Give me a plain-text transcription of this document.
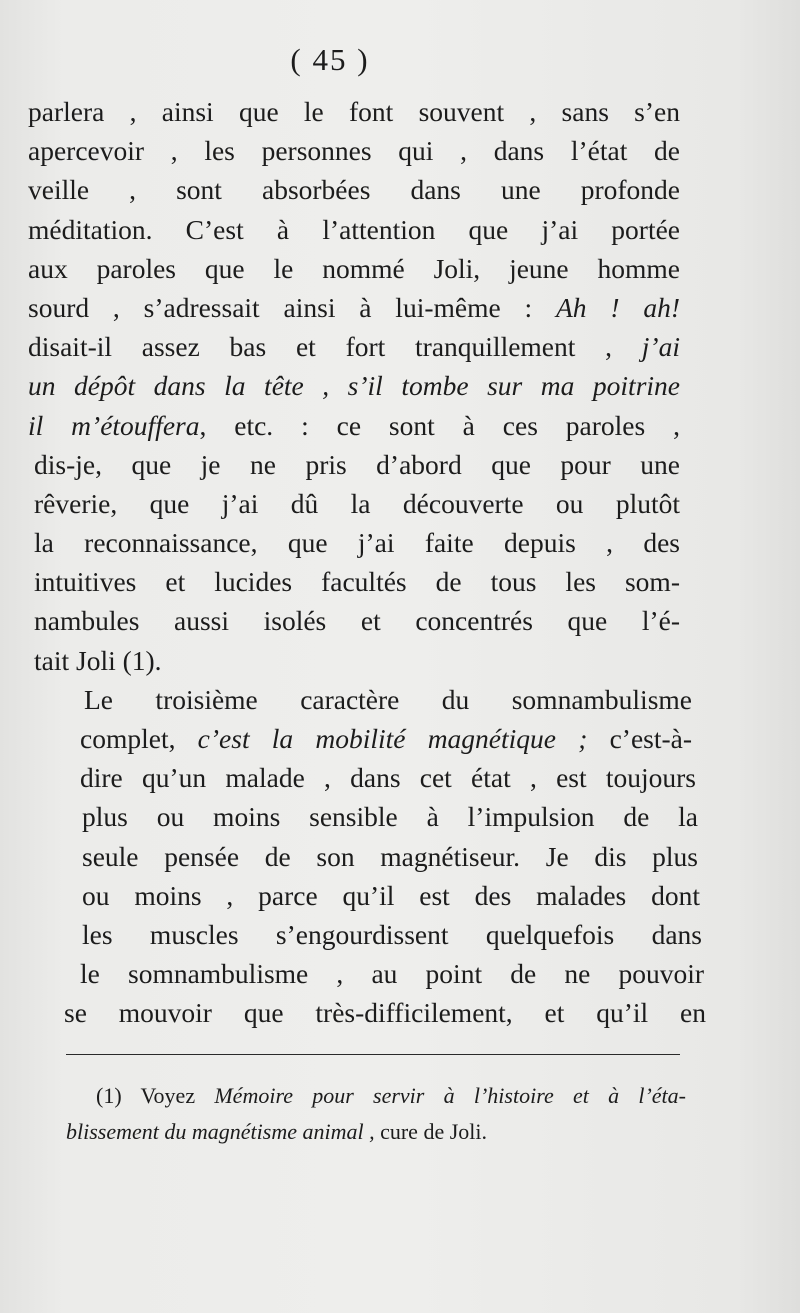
( 45 )
parlera , ainsi que le font souvent , sans s’en
apercevoir , les personnes qui , dans l’état de
veille , sont absorbées dans une profonde
méditation. C’est à l’attention que j’ai portée
aux paroles que le nommé Joli, jeune homme
sourd , s’adressait ainsi à lui-même : Ah ! ah!
disait-il assez bas et fort tranquillement , j’ai
un dépôt dans la tête , s’il tombe sur ma poitrine
il m’étouffera, etc. : ce sont à ces paroles ,
dis-je, que je ne pris d’abord que pour une
rêverie, que j’ai dû la découverte ou plutôt
la reconnaissance, que j’ai faite depuis , des
intuitives et lucides facultés de tous les som-
nambules aussi isolés et concentrés que l’é-
tait Joli (1).
Le troisième caractère du somnambulisme
complet, c’est la mobilité magnétique ; c’est-à-
dire qu’un malade , dans cet état , est toujours
plus ou moins sensible à l’impulsion de la
seule pensée de son magnétiseur. Je dis plus
ou moins , parce qu’il est des malades dont
les muscles s’engourdissent quelquefois dans
le somnambulisme , au point de ne pouvoir
se mouvoir que très-difficilement, et qu’il en
(1) Voyez Mémoire pour servir à l’histoire et à l’éta-
blissement du magnétisme animal , cure de Joli.
